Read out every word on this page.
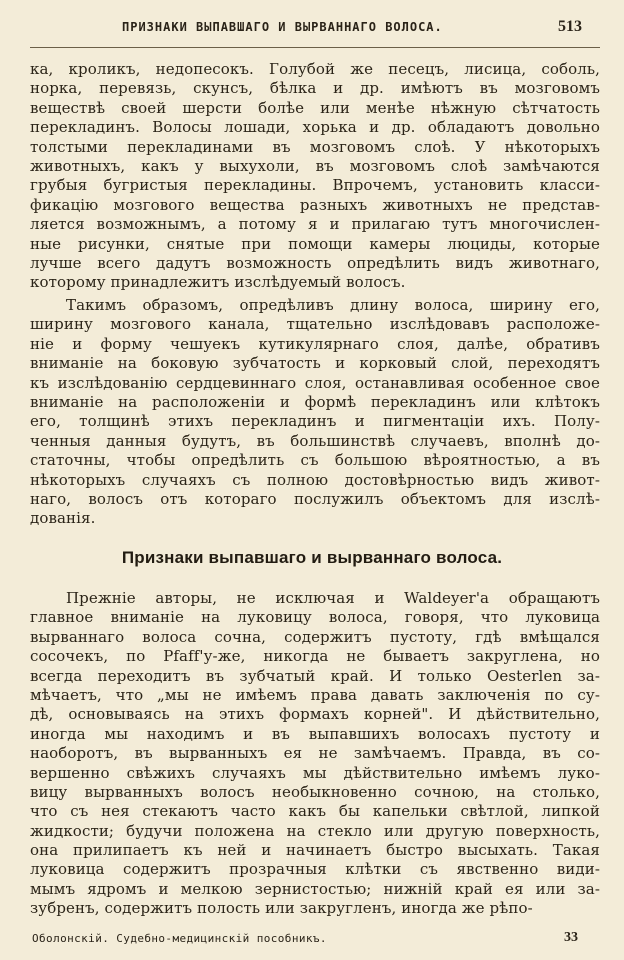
ПРИЗНАКИ ВЫПАВШАГО И ВЫРВАННАГО ВОЛОСА.	513
ка, кроликъ, недопесокъ. Голубой же песецъ, лисица, соболь,
норка, перевязь, скунсъ, бѣлка и др. имѣютъ въ мозговомъ
веществѣ своей шерсти болѣе или менѣе нѣжную сѣтчатость
перекладинъ. Волосы лошади, хорька и др. обладаютъ довольно
толстыми перекладинами въ мозговомъ слоѣ. У нѣкоторыхъ
животныхъ, какъ у выхухоли, въ мозговомъ слоѣ замѣчаются
грубыя бугристыя перекладины. Впрочемъ, установить класси-
фикацію мозгового вещества разныхъ животныхъ не представ-
ляется возможнымъ, а потому я и прилагаю тутъ многочислен-
ные рисунки, снятые при помощи камеры люциды, которые
лучше всего дадутъ возможность опредѣлить видъ животнаго,
которому принадлежитъ изслѣдуемый волосъ.
Такимъ образомъ, опредѣливъ длину волоса, ширину его,
ширину мозгового канала, тщательно изслѣдовавъ расположе-
ніе и форму чешуекъ кутикулярнаго слоя, далѣе, обративъ
вниманіе на боковую зубчатость и корковый слой, переходятъ
къ изслѣдованію сердцевиннаго слоя, останавливая особенное свое
вниманіе на расположеніи и формѣ перекладинъ или клѣтокъ
его, толщинѣ этихъ перекладинъ и пигментаціи ихъ. Полу-
ченныя данныя будутъ, въ большинствѣ случаевъ, вполнѣ до-
статочны, чтобы опредѣлить съ большою вѣроятностью, а въ
нѣкоторыхъ случаяхъ съ полною достовѣрностью видъ живот-
наго, волосъ отъ котораго послужилъ объектомъ для изслѣ-
дованія.
Признаки выпавшаго и вырваннаго волоса.
Прежніе авторы, не исключая и Waldeyer'а обращаютъ
главное вниманіе на луковицу волоса, говоря, что луковица
вырваннаго волоса сочна, содержитъ пустоту, гдѣ вмѣщался
сосочекъ, по Pfaff'у-же, никогда не бываетъ закруглена, но
всегда переходитъ въ зубчатый край. И только Oesterlen за-
мѣчаетъ, что „мы не имѣемъ права давать заключенія по су-
дѣ, основываясь на этихъ формахъ корней". И дѣйствительно,
иногда мы находимъ и въ выпавшихъ волосахъ пустоту и
наоборотъ, въ вырванныхъ ея не замѣчаемъ. Правда, въ со-
вершенно свѣжихъ случаяхъ мы дѣйствительно имѣемъ луко-
вицу вырванныхъ волосъ необыкновенно сочною, на столько,
что съ нея стекаютъ часто какъ бы капельки свѣтлой, липкой
жидкости; будучи положена на стекло или другую поверхность,
она прилипаетъ къ ней и начинаетъ быстро высыхать. Такая
луковица содержитъ прозрачныя клѣтки съ явственно види-
мымъ ядромъ и мелкою зернистостью; нижній край ея или за-
зубренъ, содержитъ полость или закругленъ, иногда же рѣпо-
Оболонскій. Судебно-медицинскій пособникъ.	33
